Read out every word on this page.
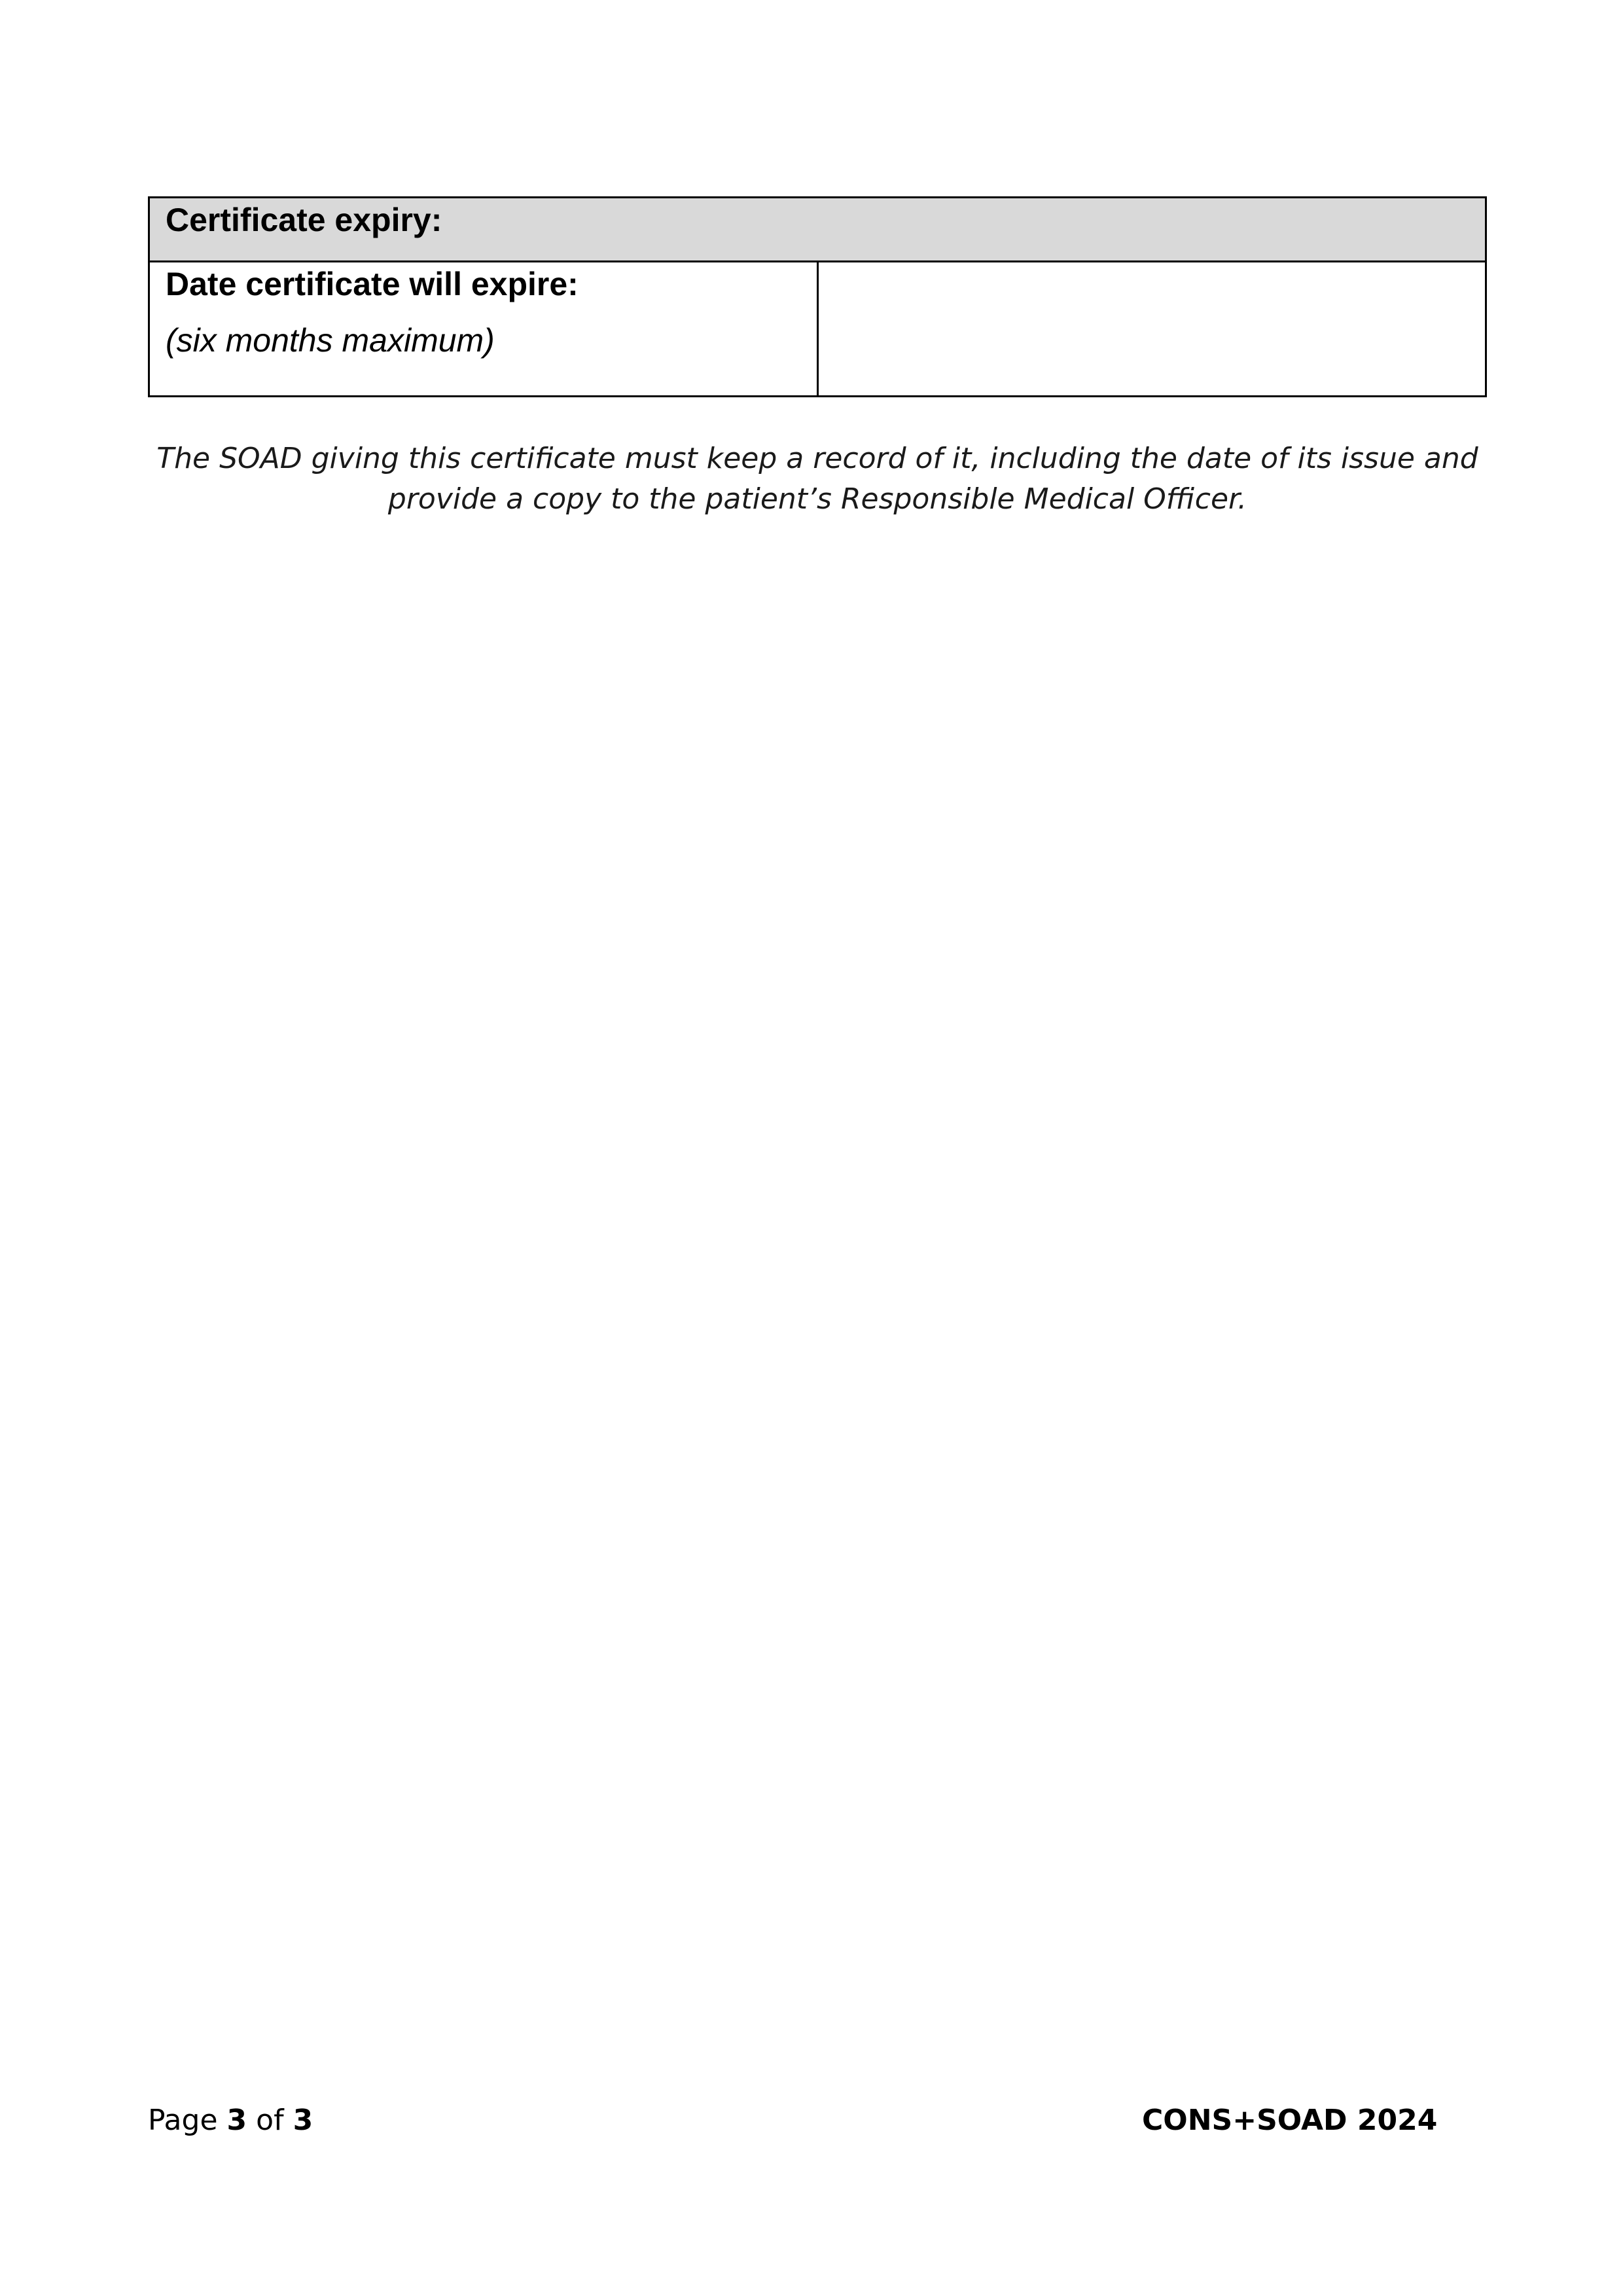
Certificate expiry:

Date certificate will expire:
(six months maximum)

The SOAD giving this certificate must keep a record of it, including the date of its issue and provide a copy to the patient’s Responsible Medical Officer.
Page 3 of 3	CONS+SOAD 2024
